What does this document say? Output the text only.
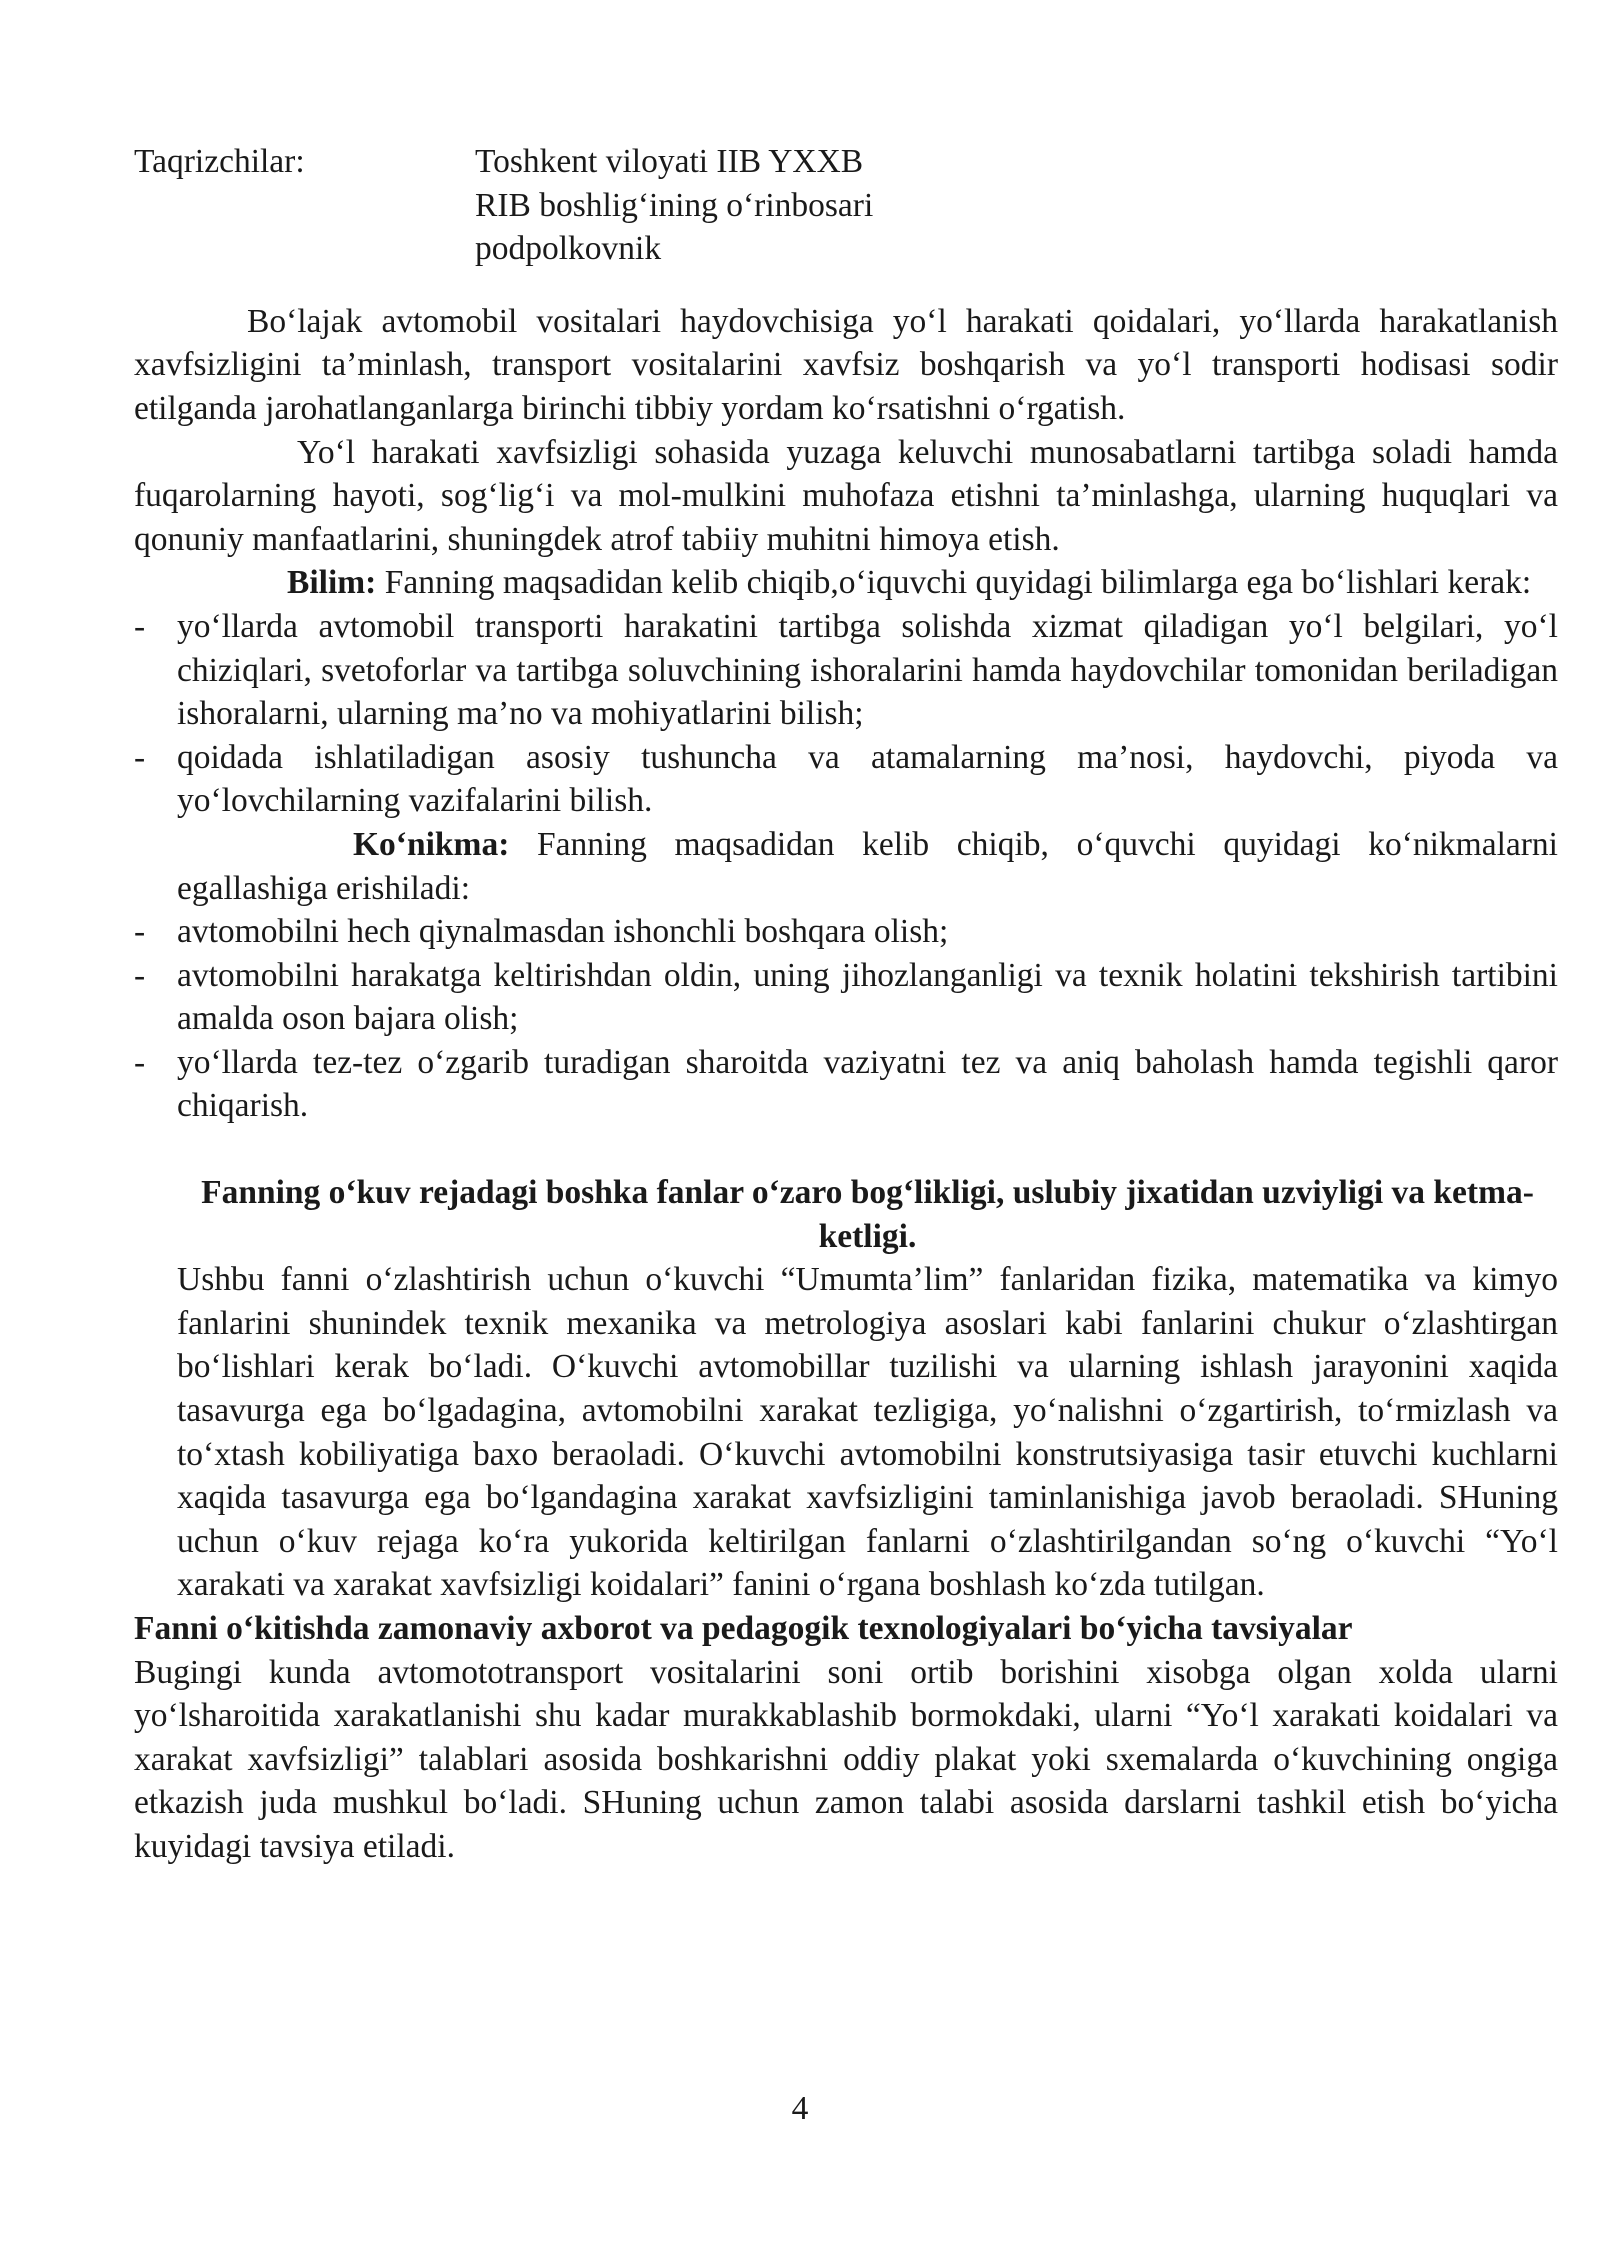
Taqrizchilar:	Toshkent viloyati IIB YXXB
RIB boshlig‘ining o‘rinbosari
podpolkovnik

Bo‘lajak avtomobil vositalari haydovchisiga yo‘l harakati qoidalari, yo‘llarda harakatlanish xavfsizligini ta’minlash, transport vositalarini xavfsiz boshqarish va yo‘l transporti hodisasi sodir etilganda jarohatlanganlarga birinchi tibbiy yordam ko‘rsatishni o‘rgatish.

Yo‘l harakati xavfsizligi sohasida yuzaga keluvchi munosabatlarni tartibga soladi hamda fuqarolarning hayoti, sog‘lig‘i va mol-mulkini muhofaza etishni ta’minlashga, ularning huquqlari va qonuniy manfaatlarini, shuningdek atrof tabiiy muhitni himoya etish.

Bilim: Fanning maqsadidan kelib chiqib,o‘iquvchi quyidagi bilimlarga ega bo‘lishlari kerak:

- yo‘llarda avtomobil transporti harakatini tartibga solishda xizmat qiladigan yo‘l belgilari, yo‘l chiziqlari, svetoforlar va tartibga soluvchining ishoralarini hamda haydovchilar tomonidan beriladigan ishoralarni, ularning ma’no va mohiyatlarini bilish;
- qoidada ishlatiladigan asosiy tushuncha va atamalarning ma’nosi, haydovchi, piyoda va yo‘lovchilarning vazifalarini bilish.

Ko‘nikma: Fanning maqsadidan kelib chiqib, o‘quvchi quyidagi ko‘nikmalarni egallashiga erishiladi:

- avtomobilni hech qiynalmasdan ishonchli boshqara olish;
- avtomobilni harakatga keltirishdan oldin, uning jihozlanganligi va texnik holatini tekshirish tartibini amalda oson bajara olish;
- yo‘llarda tez-tez o‘zgarib turadigan sharoitda vaziyatni tez va aniq baholash hamda tegishli qaror chiqarish.

Fanning o‘kuv rejadagi boshka fanlar o‘zaro bog‘likligi, uslubiy jixatidan uzviyligi va ketma-ketligi.

Ushbu fanni o‘zlashtirish uchun o‘kuvchi “Umumta’lim” fanlaridan fizika, matematika va kimyo fanlarini shunindek texnik mexanika va metrologiya asoslari kabi fanlarini chukur o‘zlashtirgan bo‘lishlari kerak bo‘ladi. O‘kuvchi avtomobillar tuzilishi va ularning ishlash jarayonini xaqida tasavurga ega bo‘lgadagina, avtomobilni xarakat tezligiga, yo‘nalishni o‘zgartirish, to‘rmizlash va to‘xtash kobiliyatiga baxo beraoladi. O‘kuvchi avtomobilni konstrutsiyasiga tasir etuvchi kuchlarni xaqida tasavurga ega bo‘lgandagina xarakat xavfsizligini taminlanishiga javob beraoladi. SHuning uchun o‘kuv rejaga ko‘ra yukorida keltirilgan fanlarni o‘zlashtirilgandan so‘ng o‘kuvchi “Yo‘l xarakati va xarakat xavfsizligi koidalari” fanini o‘rgana boshlash ko‘zda tutilgan.

Fanni o‘kitishda zamonaviy axborot va pedagogik texnologiyalari bo‘yicha tavsiyalar

Bugingi kunda avtomototransport vositalarini soni ortib borishini xisobga olgan xolda ularni yo‘lsharoitida xarakatlanishi shu kadar murakkablashib bormokdaki, ularni “Yo‘l xarakati koidalari va xarakat xavfsizligi” talablari asosida boshkarishni oddiy plakat yoki sxemalarda o‘kuvchining ongiga etkazish juda mushkul bo‘ladi. SHuning uchun zamon talabi asosida darslarni tashkil etish bo‘yicha kuyidagi tavsiya etiladi.

4
